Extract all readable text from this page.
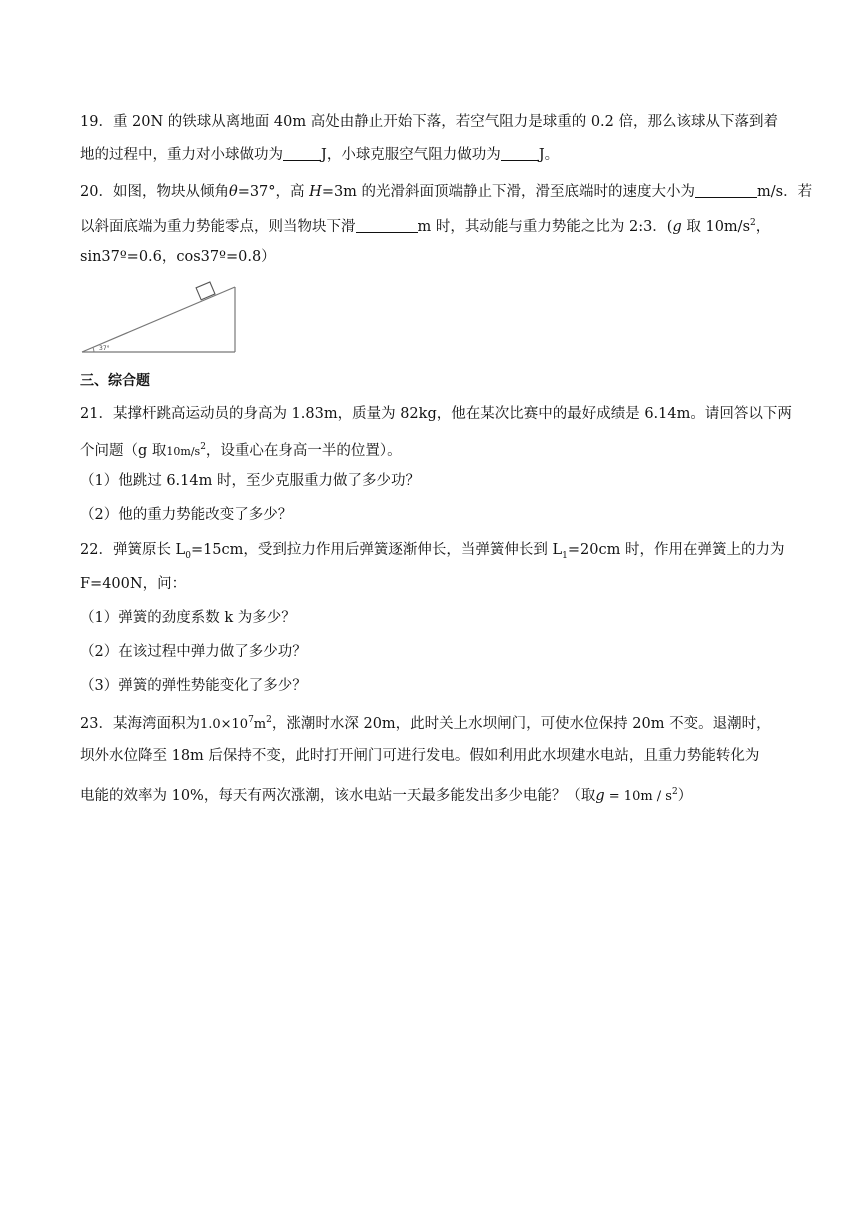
19．重 20N 的铁球从离地面 40m 高处由静止开始下落，若空气阻力是球重的 0.2 倍，那么该球从下落到着
地的过程中，重力对小球做功为	J，小球克服空气阻力做功为	J。
20．如图，物块从倾角θ=37°，高 H=3m 的光滑斜面顶端静止下滑，滑至底端时的速度大小为	m/s．若
以斜面底端为重力势能零点，则当物块下滑	m 时，其动能与重力势能之比为 2:3．(g 取 $10m/s^2$，
sin37º=0.6，cos37º=0.8）
37°
三、综合题
21．某撑杆跳高运动员的身高为 1.83m，质量为 82kg，他在某次比赛中的最好成绩是 6.14m。请回答以下两
个问题（g 取$10m/s^2$，设重心在身高一半的位置）。
（1）他跳过 6.14m 时，至少克服重力做了多少功？
（2）他的重力势能改变了多少？
22．弹簧原长 $L_0=15cm$，受到拉力作用后弹簧逐渐伸长，当弹簧伸长到 $L_1=20cm$ 时，作用在弹簧上的力为
F=400N，问：
（1）弹簧的劲度系数 k 为多少？
（2）在该过程中弹力做了多少功？
（3）弹簧的弹性势能变化了多少？
23．某海湾面积为$1.0\times 10^7m^2$，涨潮时水深 20m，此时关上水坝闸门，可使水位保持 20m 不变。退潮时，
坝外水位降至 18m 后保持不变，此时打开闸门可进行发电。假如利用此水坝建水电站，且重力势能转化为
电能的效率为 10%，每天有两次涨潮，该水电站一天最多能发出多少电能？（取$g = 10m / s^2$）
